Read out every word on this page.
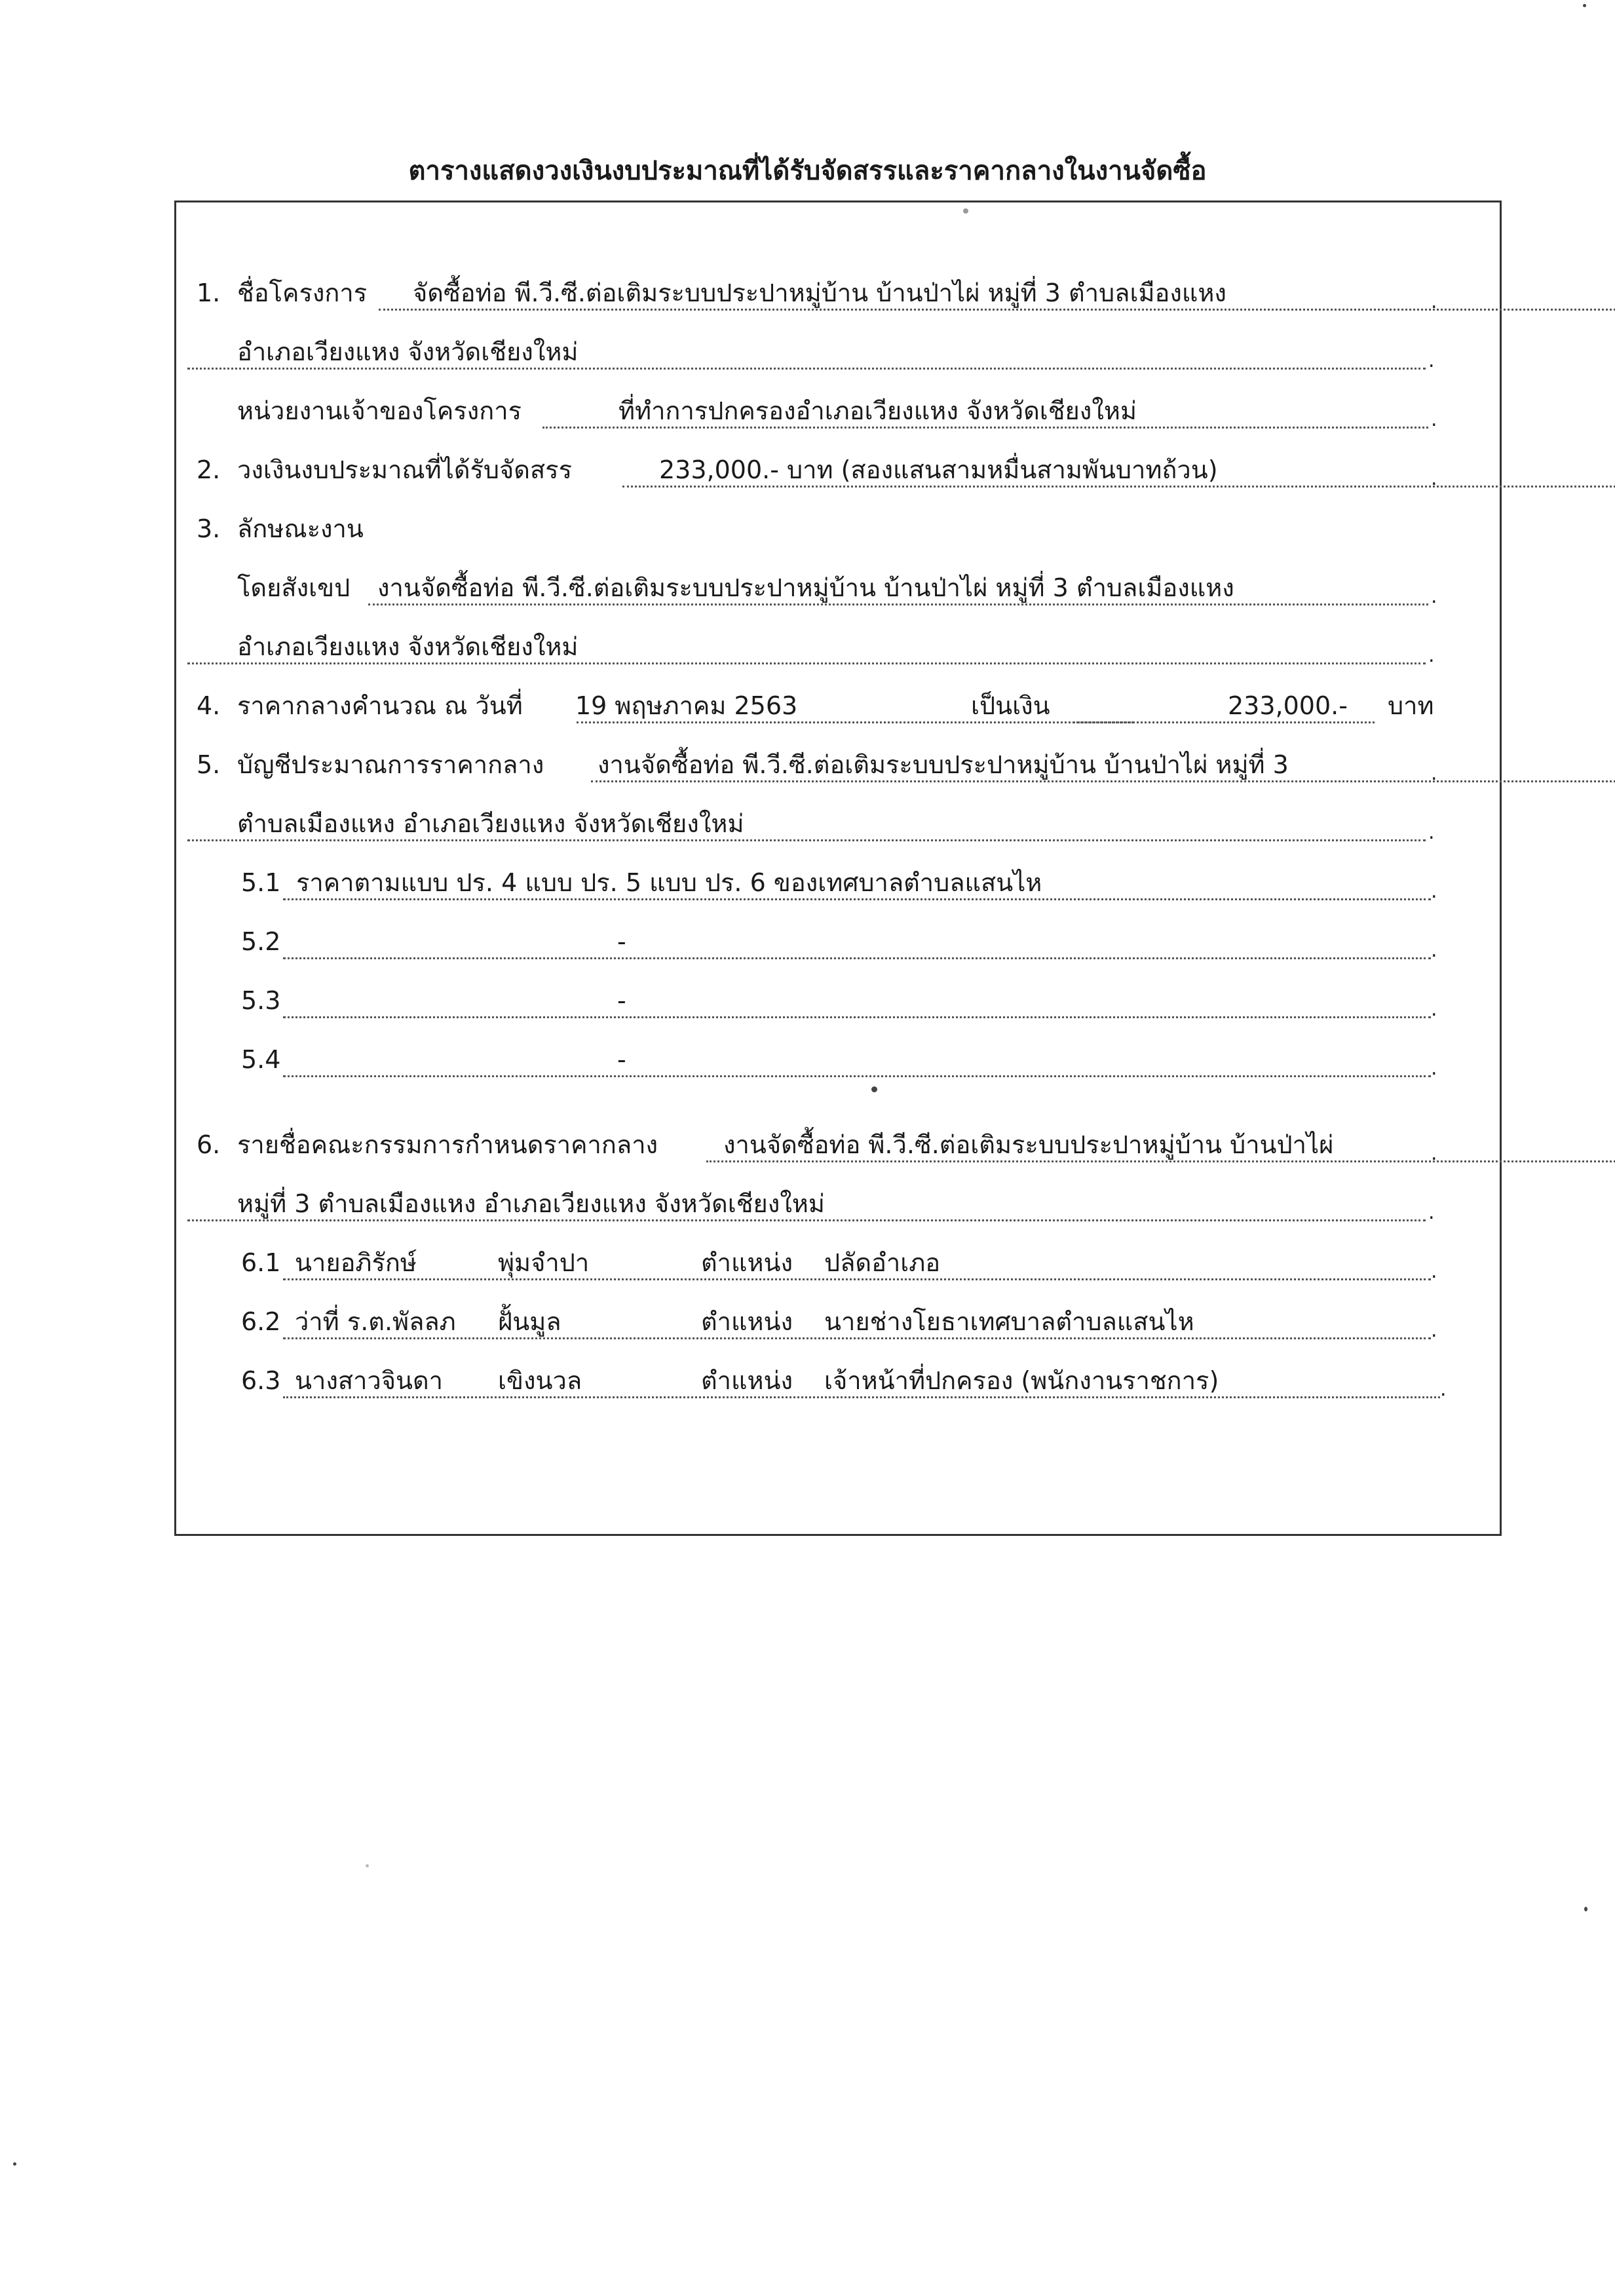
ตารางแสดงวงเงินงบประมาณที่ได้รับจัดสรรและราคากลางในงานจัดซื้อ
1. ชื่อโครงการ จัดซื้อท่อ พี.วี.ซี.ต่อเติมระบบประปาหมู่บ้าน บ้านป่าไผ่ หมู่ที่ 3 ตำบลเมืองแหง	.
อำเภอเวียงแหง จังหวัดเชียงใหม่	.
หน่วยงานเจ้าของโครงการ	ที่ทำการปกครองอำเภอเวียงแหง จังหวัดเชียงใหม่	.
2. วงเงินงบประมาณที่ได้รับจัดสรร	233,000.- บาท (สองแสนสามหมื่นสามพันบาทถ้วน)	.
3. ลักษณะงาน
โดยสังเขป งานจัดซื้อท่อ พี.วี.ซี.ต่อเติมระบบประปาหมู่บ้าน บ้านป่าไผ่ หมู่ที่ 3 ตำบลเมืองแหง	.
อำเภอเวียงแหง จังหวัดเชียงใหม่	.
4. ราคากลางคำนวณ ณ วันที่ 19 พฤษภาคม 2563	เป็นเงิน	233,000.- บาท
5. บัญชีประมาณการราคากลาง งานจัดซื้อท่อ พี.วี.ซี.ต่อเติมระบบประปาหมู่บ้าน บ้านป่าไผ่ หมู่ที่ 3	.
ตำบลเมืองแหง อำเภอเวียงแหง จังหวัดเชียงใหม่	.
5.1 ราคาตามแบบ ปร. 4 แบบ ปร. 5 แบบ ปร. 6 ของเทศบาลตำบลแสนไห	.
5.2	-	.
5.3	-	.
5.4	-	.
6. รายชื่อคณะกรรมการกำหนดราคากลาง	งานจัดซื้อท่อ พี.วี.ซี.ต่อเติมระบบประปาหมู่บ้าน บ้านป่าไผ่	.
หมู่ที่ 3 ตำบลเมืองแหง อำเภอเวียงแหง จังหวัดเชียงใหม่	.
6.1 นายอภิรักษ์	พุ่มจำปา	ตำแหน่ง ปลัดอำเภอ	.
6.2 ว่าที่ ร.ต.พัลลภ ฝั้นมูล	ตำแหน่ง นายช่างโยธาเทศบาลตำบลแสนไห	.
6.3 นางสาวจินดา เขิงนวล	ตำแหน่ง เจ้าหน้าที่ปกครอง (พนักงานราชการ)	.
